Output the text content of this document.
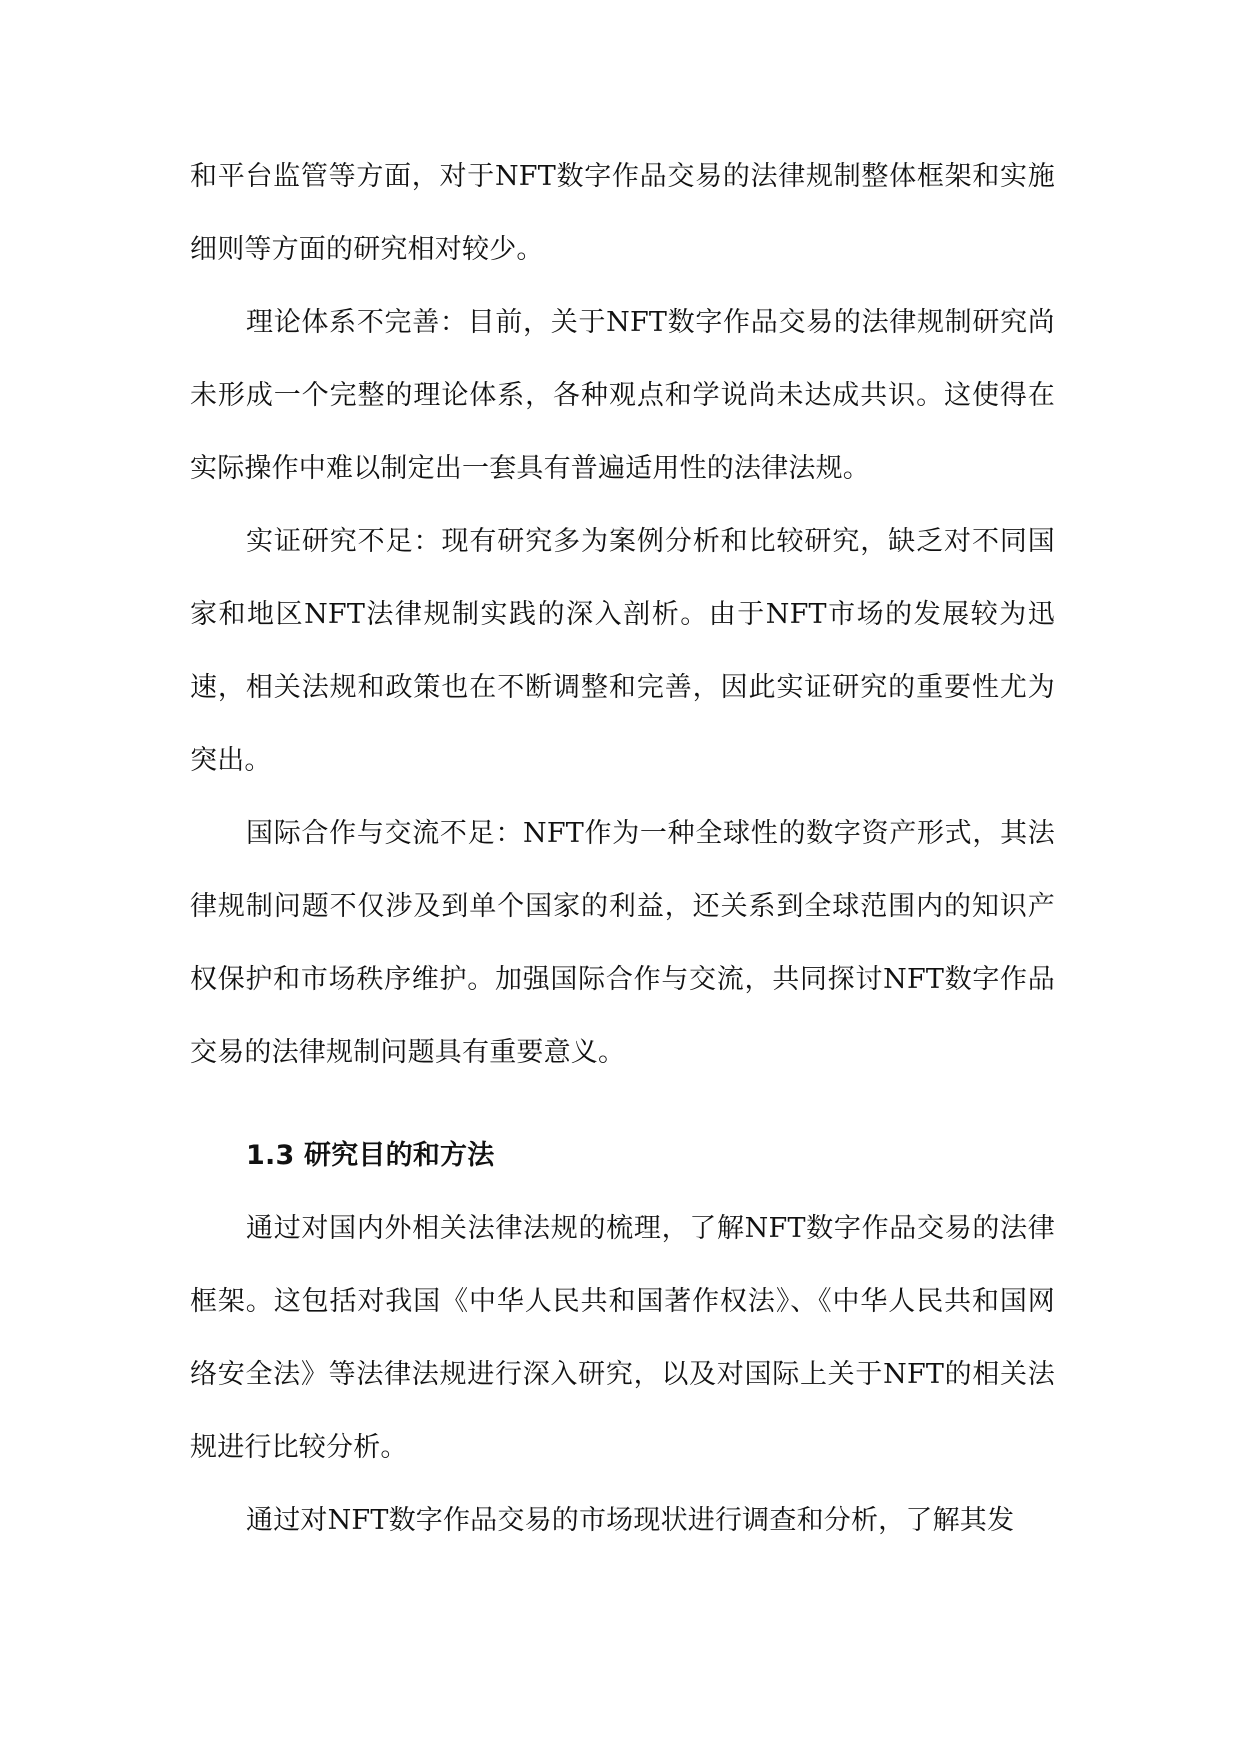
和平台监管等方面，对于NFT数字作品交易的法律规制整体框架和实施细则等方面的研究相对较少。

理论体系不完善：目前，关于NFT数字作品交易的法律规制研究尚未形成一个完整的理论体系，各种观点和学说尚未达成共识。这使得在实际操作中难以制定出一套具有普遍适用性的法律法规。

实证研究不足：现有研究多为案例分析和比较研究，缺乏对不同国家和地区NFT法律规制实践的深入剖析。由于NFT市场的发展较为迅速，相关法规和政策也在不断调整和完善，因此实证研究的重要性尤为突出。

国际合作与交流不足：NFT作为一种全球性的数字资产形式，其法律规制问题不仅涉及到单个国家的利益，还关系到全球范围内的知识产权保护和市场秩序维护。加强国际合作与交流，共同探讨NFT数字作品交易的法律规制问题具有重要意义。

1.3 研究目的和方法

通过对国内外相关法律法规的梳理，了解NFT数字作品交易的法律框架。这包括对我国《中华人民共和国著作权法》、《中华人民共和国网络安全法》等法律法规进行深入研究，以及对国际上关于NFT的相关法规进行比较分析。

通过对NFT数字作品交易的市场现状进行调查和分析，了解其发
